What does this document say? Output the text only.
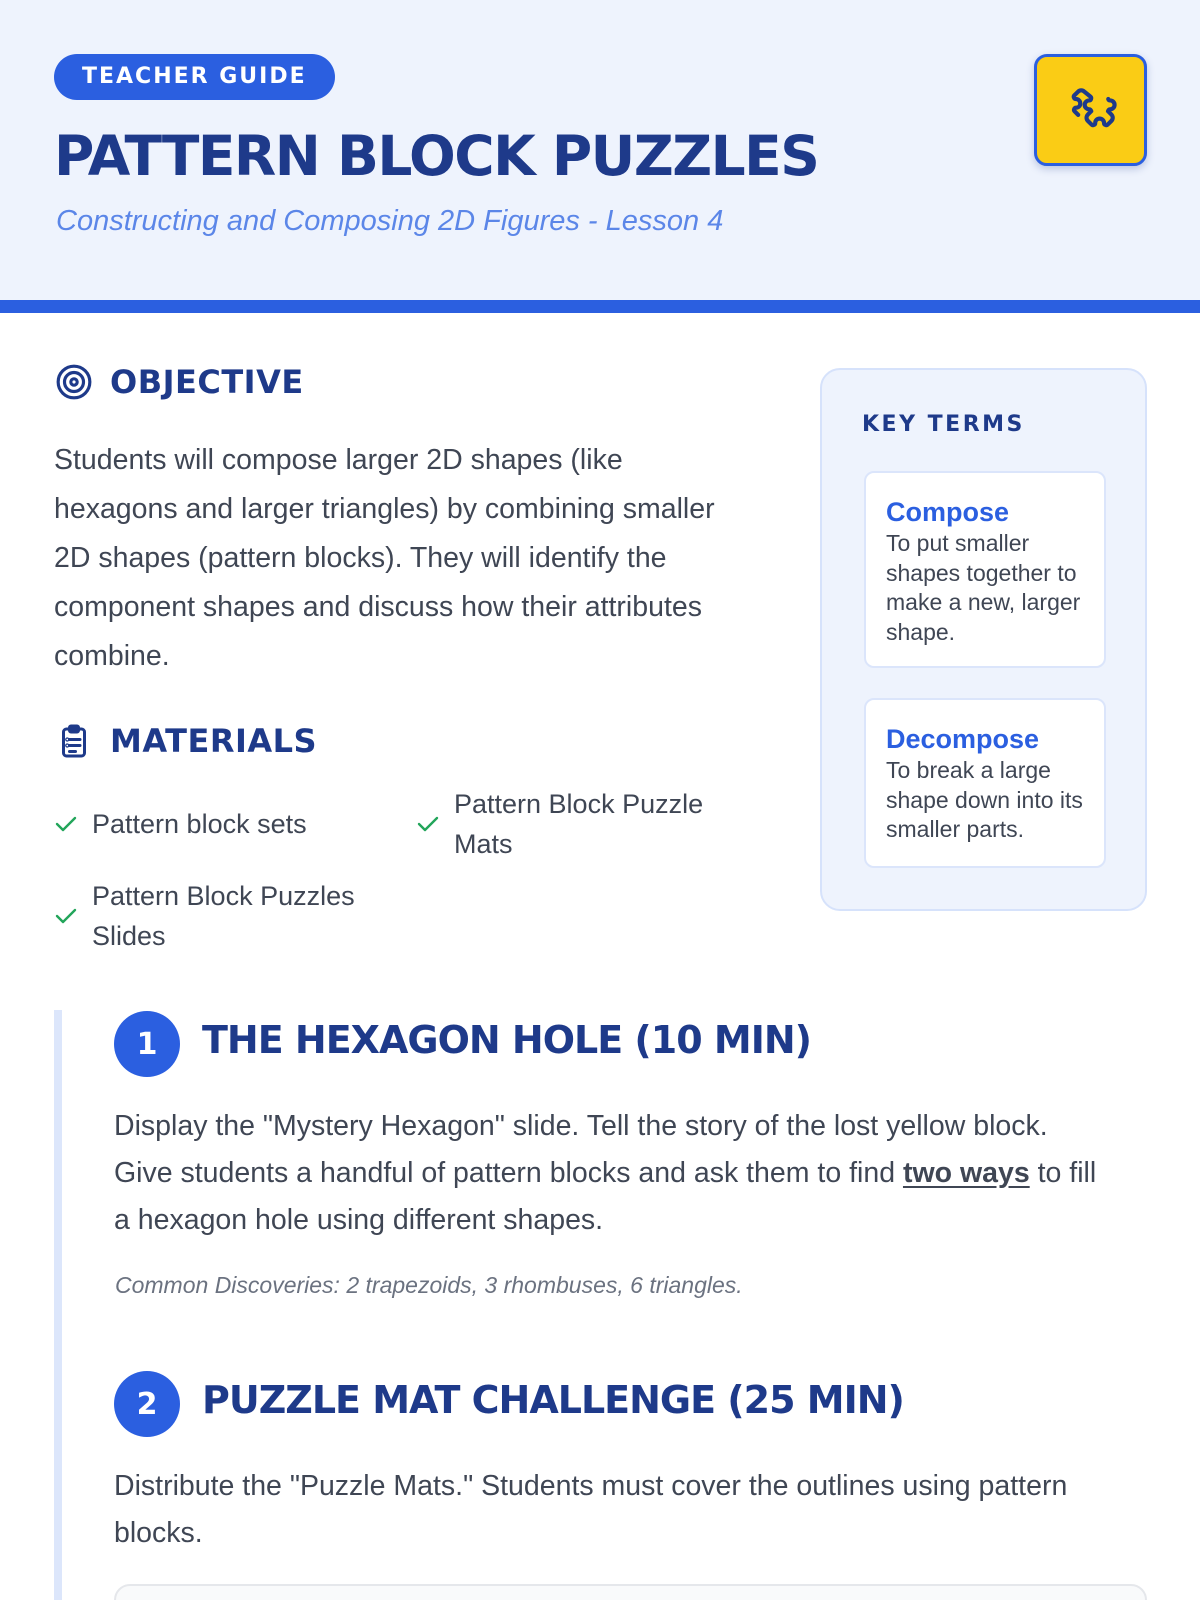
TEACHER GUIDE
PATTERN BLOCK PUZZLES
Constructing and Composing 2D Figures - Lesson 4
OBJECTIVE

Students will compose larger 2D shapes (like hexagons and larger triangles) by combining smaller 2D shapes (pattern blocks). They will identify the component shapes and discuss how their attributes combine.

MATERIALS
Pattern block sets
Pattern Block Puzzle Mats
Pattern Block Puzzles Slides
KEY TERMS
Compose
To put smaller shapes together to make a new, larger shape.
Decompose
To break a large shape down into its smaller parts.
1	THE HEXAGON HOLE (10 MIN)

Display the "Mystery Hexagon" slide. Tell the story of the lost yellow block. Give students a handful of pattern blocks and ask them to find two ways to fill a hexagon hole using different shapes.

Common Discoveries: 2 trapezoids, 3 rhombuses, 6 triangles.
2	PUZZLE MAT CHALLENGE (25 MIN)

Distribute the "Puzzle Mats." Students must cover the outlines using pattern blocks.
